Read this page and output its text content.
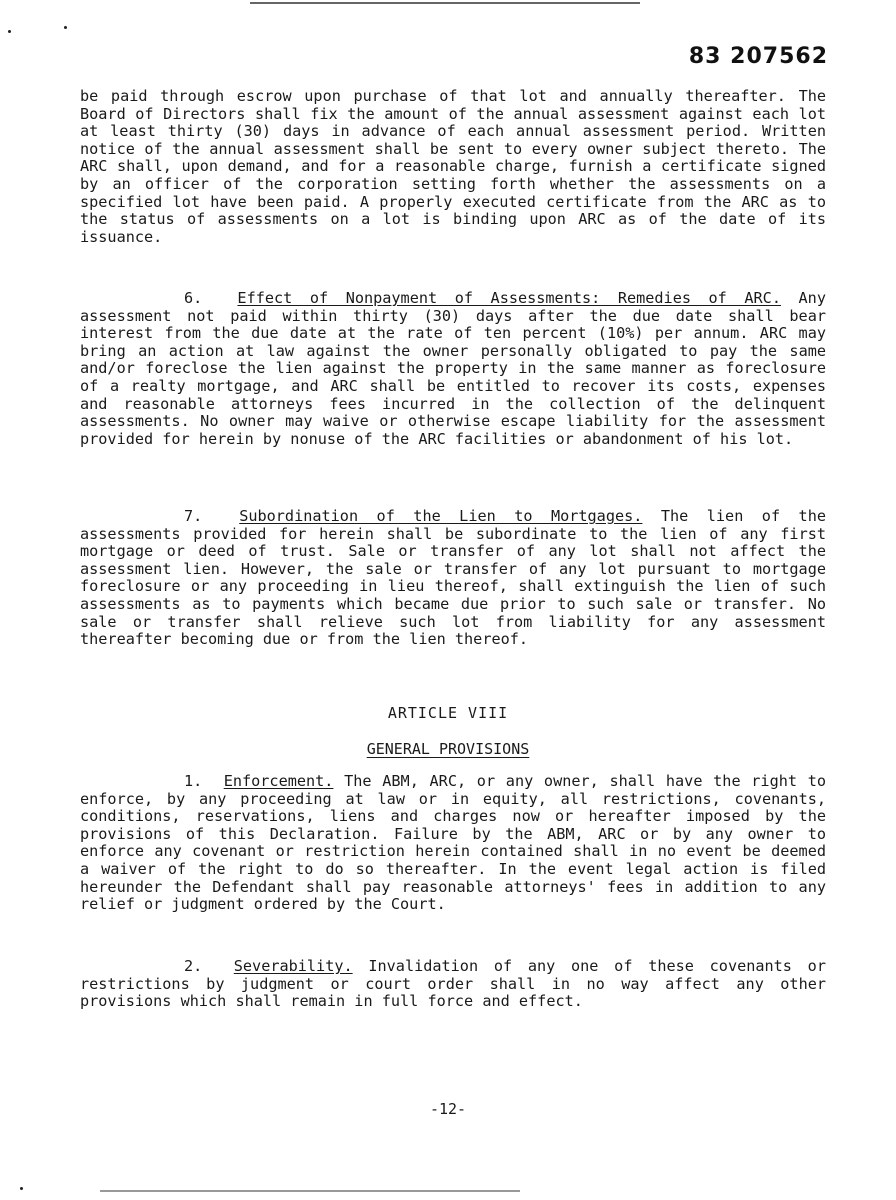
83 207562

be paid through escrow upon purchase of that lot and annually thereafter. The Board of Directors shall fix the amount of the annual assessment against each lot at least thirty (30) days in advance of each annual assessment period. Written notice of the annual assessment shall be sent to every owner subject thereto. The ARC shall, upon demand, and for a reasonable charge, furnish a certificate signed by an officer of the corporation setting forth whether the assessments on a specified lot have been paid. A properly executed certificate from the ARC as to the status of assessments on a lot is binding upon ARC as of the date of its issuance.

6. Effect of Nonpayment of Assessments: Remedies of ARC. Any assessment not paid within thirty (30) days after the due date shall bear interest from the due date at the rate of ten percent (10%) per annum. ARC may bring an action at law against the owner personally obligated to pay the same and/or foreclose the lien against the property in the same manner as foreclosure of a realty mortgage, and ARC shall be entitled to recover its costs, expenses and reasonable attorneys fees incurred in the collection of the delinquent assessments. No owner may waive or otherwise escape liability for the assessment provided for herein by nonuse of the ARC facilities or abandonment of his lot.

7. Subordination of the Lien to Mortgages. The lien of the assessments provided for herein shall be subordinate to the lien of any first mortgage or deed of trust. Sale or transfer of any lot shall not affect the assessment lien. However, the sale or transfer of any lot pursuant to mortgage foreclosure or any proceeding in lieu thereof, shall extinguish the lien of such assessments as to payments which became due prior to such sale or transfer. No sale or transfer shall relieve such lot from liability for any assessment thereafter becoming due or from the lien thereof.

ARTICLE VIII
GENERAL PROVISIONS

1. Enforcement. The ABM, ARC, or any owner, shall have the right to enforce, by any proceeding at law or in equity, all restrictions, covenants, conditions, reservations, liens and charges now or hereafter imposed by the provisions of this Declaration. Failure by the ABM, ARC or by any owner to enforce any covenant or restriction herein contained shall in no event be deemed a waiver of the right to do so thereafter. In the event legal action is filed hereunder the Defendant shall pay reasonable attorneys' fees in addition to any relief or judgment ordered by the Court.

2. Severability. Invalidation of any one of these covenants or restrictions by judgment or court order shall in no way affect any other provisions which shall remain in full force and effect.

-12-
